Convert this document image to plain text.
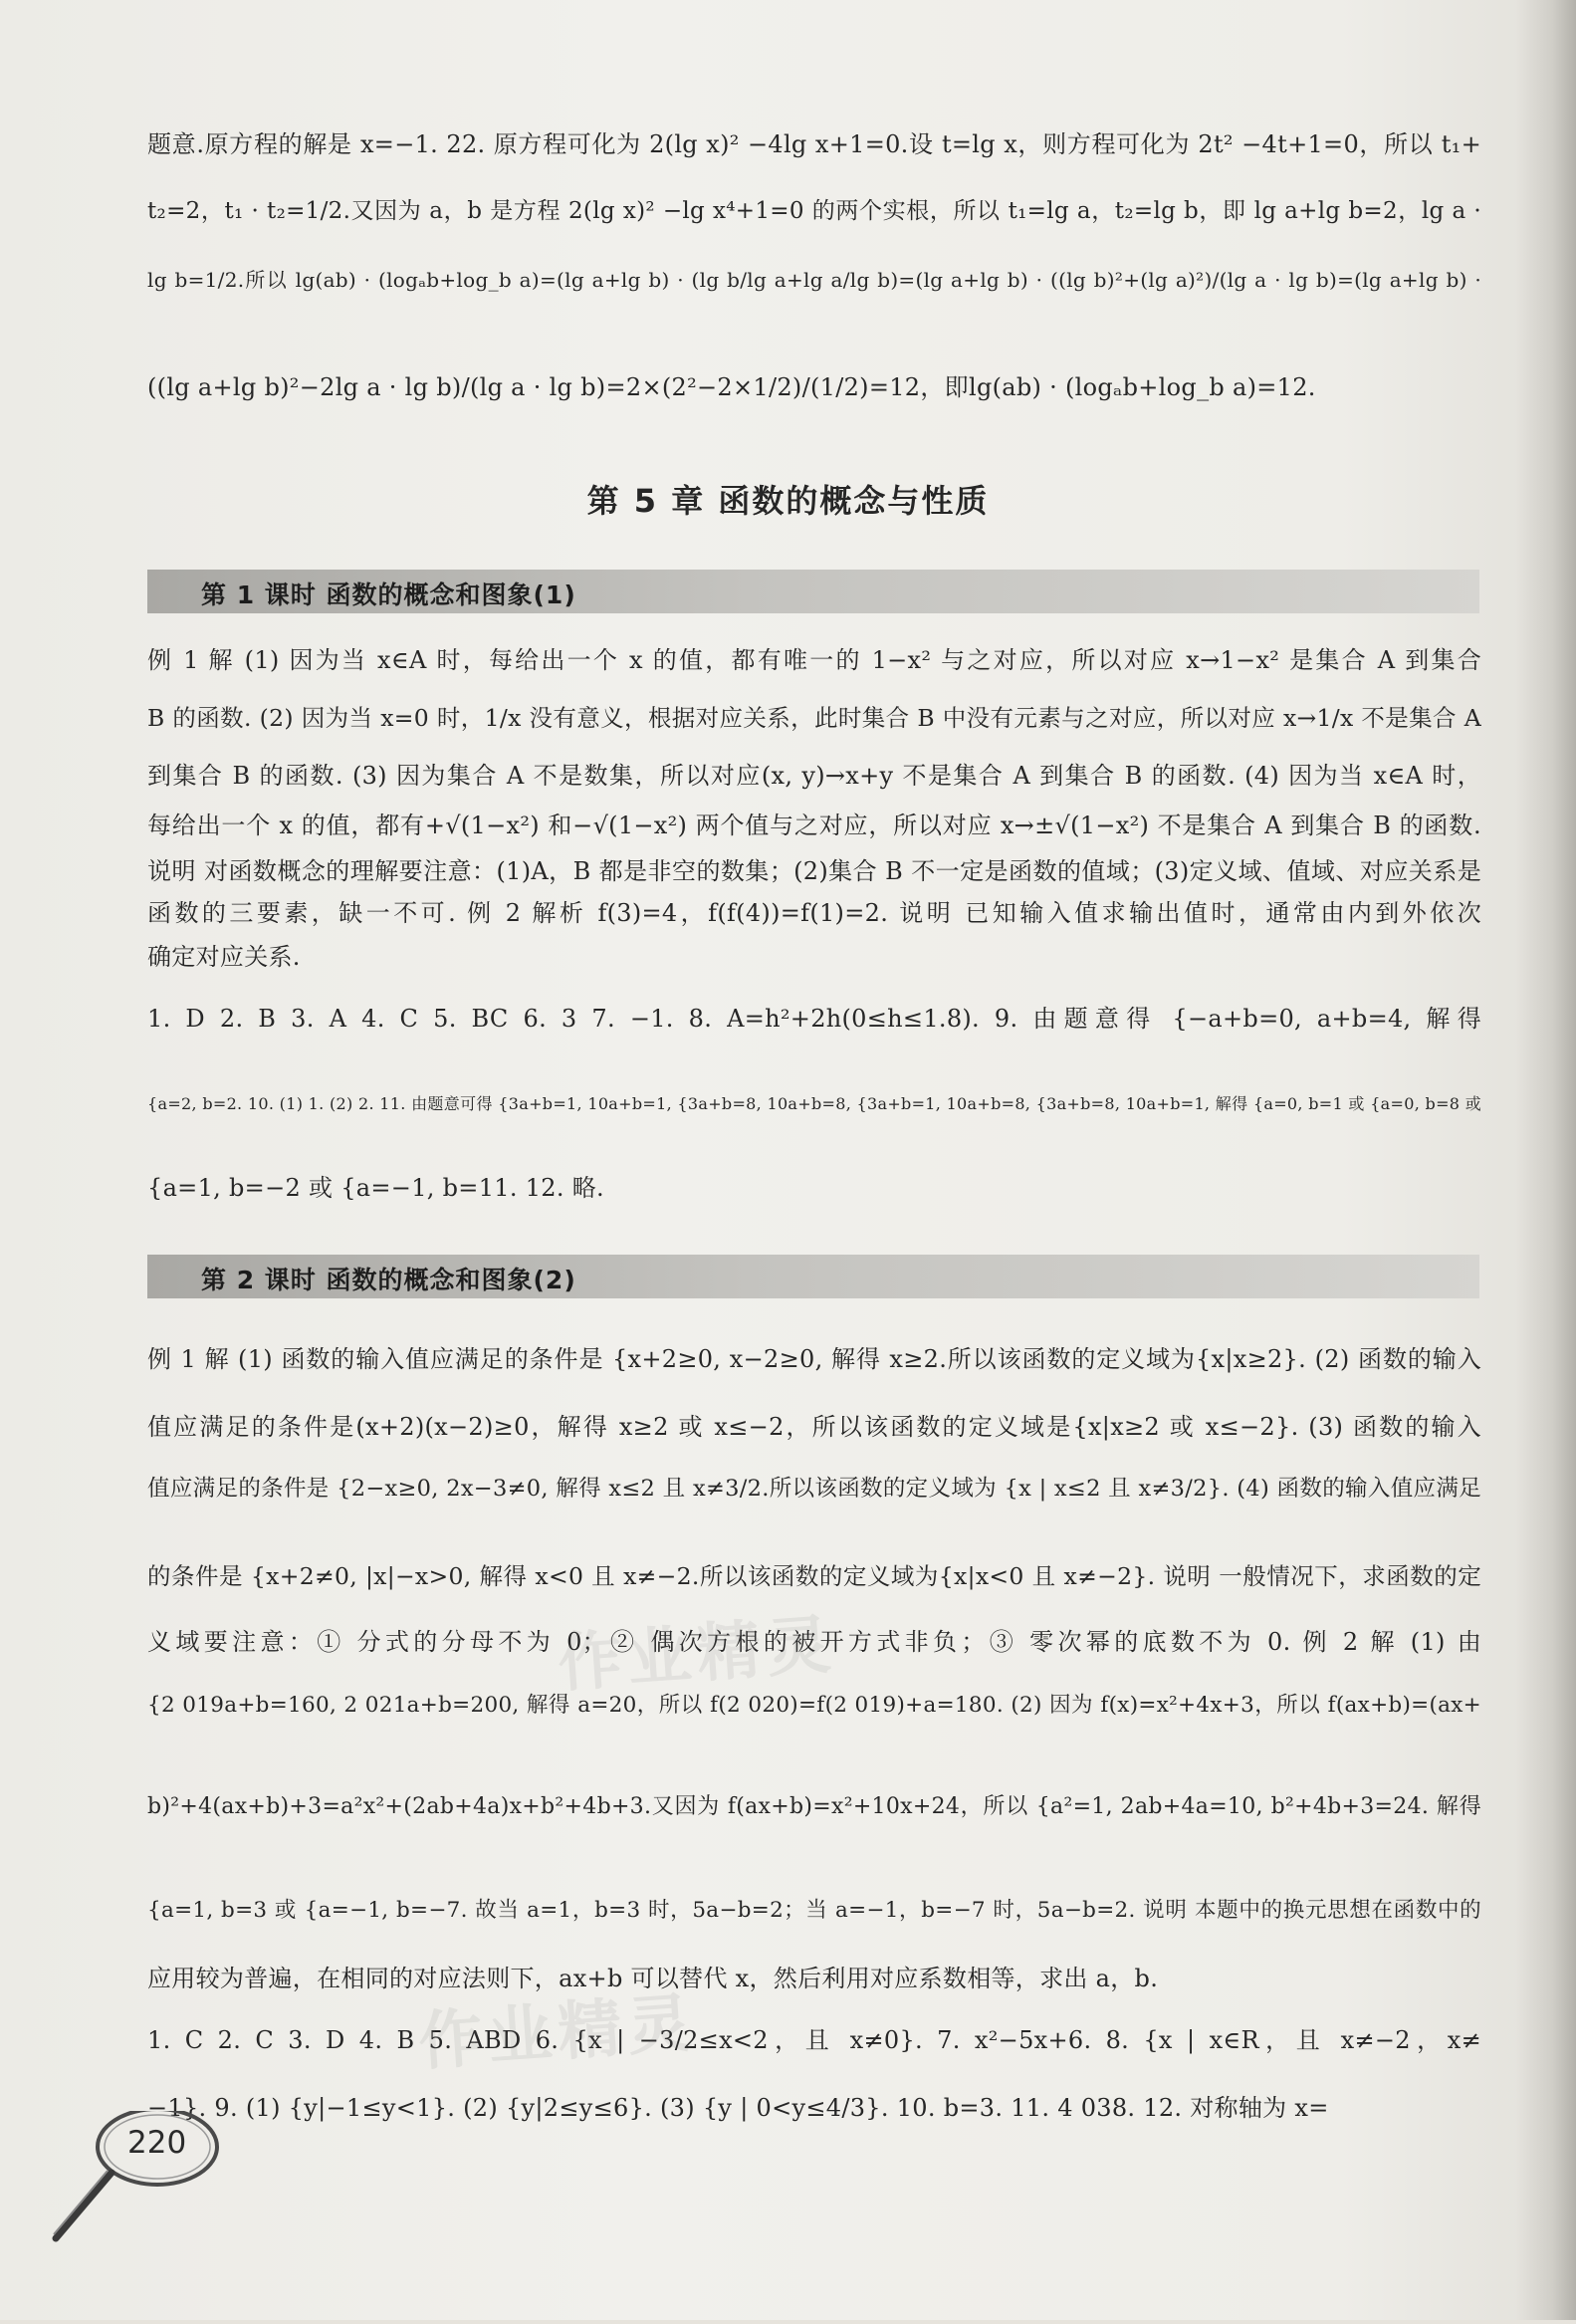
题意.原方程的解是 x=−1. 22. 原方程可化为 2(lg x)² −4lg x+1=0.设 t=lg x，则方程可化为 2t² −4t+1=0，所以 t₁+
t₂=2，t₁ · t₂=1/2.又因为 a，b 是方程 2(lg x)² −lg x⁴+1=0 的两个实根，所以 t₁=lg a，t₂=lg b，即 lg a+lg b=2，lg a ·
lg b=1/2.所以 lg(ab) · (logₐb+log_b a)=(lg a+lg b) · (lg b/lg a+lg a/lg b)=(lg a+lg b) · ((lg b)²+(lg a)²)/(lg a · lg b)=(lg a+lg b) ·
((lg a+lg b)²−2lg a · lg b)/(lg a · lg b)=2×(2²−2×1/2)/(1/2)=12，即lg(ab) · (logₐb+log_b a)=12.
第 5 章 函数的概念与性质
第 1 课时 函数的概念和图象(1)
例 1 解 (1) 因为当 x∈A 时，每给出一个 x 的值，都有唯一的 1−x² 与之对应，所以对应 x→1−x² 是集合 A 到集合
B 的函数. (2) 因为当 x=0 时，1/x 没有意义，根据对应关系，此时集合 B 中没有元素与之对应，所以对应 x→1/x 不是集合 A
到集合 B 的函数. (3) 因为集合 A 不是数集，所以对应(x, y)→x+y 不是集合 A 到集合 B 的函数. (4) 因为当 x∈A 时，
每给出一个 x 的值，都有+√(1−x²) 和−√(1−x²) 两个值与之对应，所以对应 x→±√(1−x²) 不是集合 A 到集合 B 的函数.
说明 对函数概念的理解要注意：(1)A，B 都是非空的数集；(2)集合 B 不一定是函数的值域；(3)定义域、值域、对应关系是
函数的三要素，缺一不可. 例 2 解析 f(3)=4，f(f(4))=f(1)=2. 说明 已知输入值求输出值时，通常由内到外依次
确定对应关系.
1. D 2. B 3. A 4. C 5. BC 6. 3 7. −1. 8. A=h²+2h(0≤h≤1.8). 9. 由题意得 {−a+b=0, a+b=4, 解得
{a=2, b=2. 10. (1) 1. (2) 2. 11. 由题意可得 {3a+b=1, 10a+b=1, {3a+b=8, 10a+b=8, {3a+b=1, 10a+b=8, {3a+b=8, 10a+b=1, 解得 {a=0, b=1 或 {a=0, b=8 或
{a=1, b=−2 或 {a=−1, b=11. 12. 略.
第 2 课时 函数的概念和图象(2)
例 1 解 (1) 函数的输入值应满足的条件是 {x+2≥0, x−2≥0, 解得 x≥2.所以该函数的定义域为{x|x≥2}. (2) 函数的输入
值应满足的条件是(x+2)(x−2)≥0，解得 x≥2 或 x≤−2，所以该函数的定义域是{x|x≥2 或 x≤−2}. (3) 函数的输入
值应满足的条件是 {2−x≥0, 2x−3≠0, 解得 x≤2 且 x≠3/2.所以该函数的定义域为 {x | x≤2 且 x≠3/2}. (4) 函数的输入值应满足
的条件是 {x+2≠0, |x|−x>0, 解得 x<0 且 x≠−2.所以该函数的定义域为{x|x<0 且 x≠−2}. 说明 一般情况下，求函数的定
义域要注意：① 分式的分母不为 0；② 偶次方根的被开方式非负；③ 零次幂的底数不为 0. 例 2 解 (1) 由
{2 019a+b=160, 2 021a+b=200, 解得 a=20，所以 f(2 020)=f(2 019)+a=180. (2) 因为 f(x)=x²+4x+3，所以 f(ax+b)=(ax+
b)²+4(ax+b)+3=a²x²+(2ab+4a)x+b²+4b+3.又因为 f(ax+b)=x²+10x+24，所以 {a²=1, 2ab+4a=10, b²+4b+3=24. 解得
{a=1, b=3 或 {a=−1, b=−7. 故当 a=1，b=3 时，5a−b=2；当 a=−1，b=−7 时，5a−b=2. 说明 本题中的换元思想在函数中的
应用较为普遍，在相同的对应法则下，ax+b 可以替代 x，然后利用对应系数相等，求出 a，b.
1. C 2. C 3. D 4. B 5. ABD 6. {x | −3/2≤x<2，且 x≠0}. 7. x²−5x+6. 8. {x | x∈R，且 x≠−2，x≠
−1}. 9. (1) {y|−1≤y<1}. (2) {y|2≤y≤6}. (3) {y | 0<y≤4/3}. 10. b=3. 11. 4 038. 12. 对称轴为 x=
作业精灵
作业精灵
220
